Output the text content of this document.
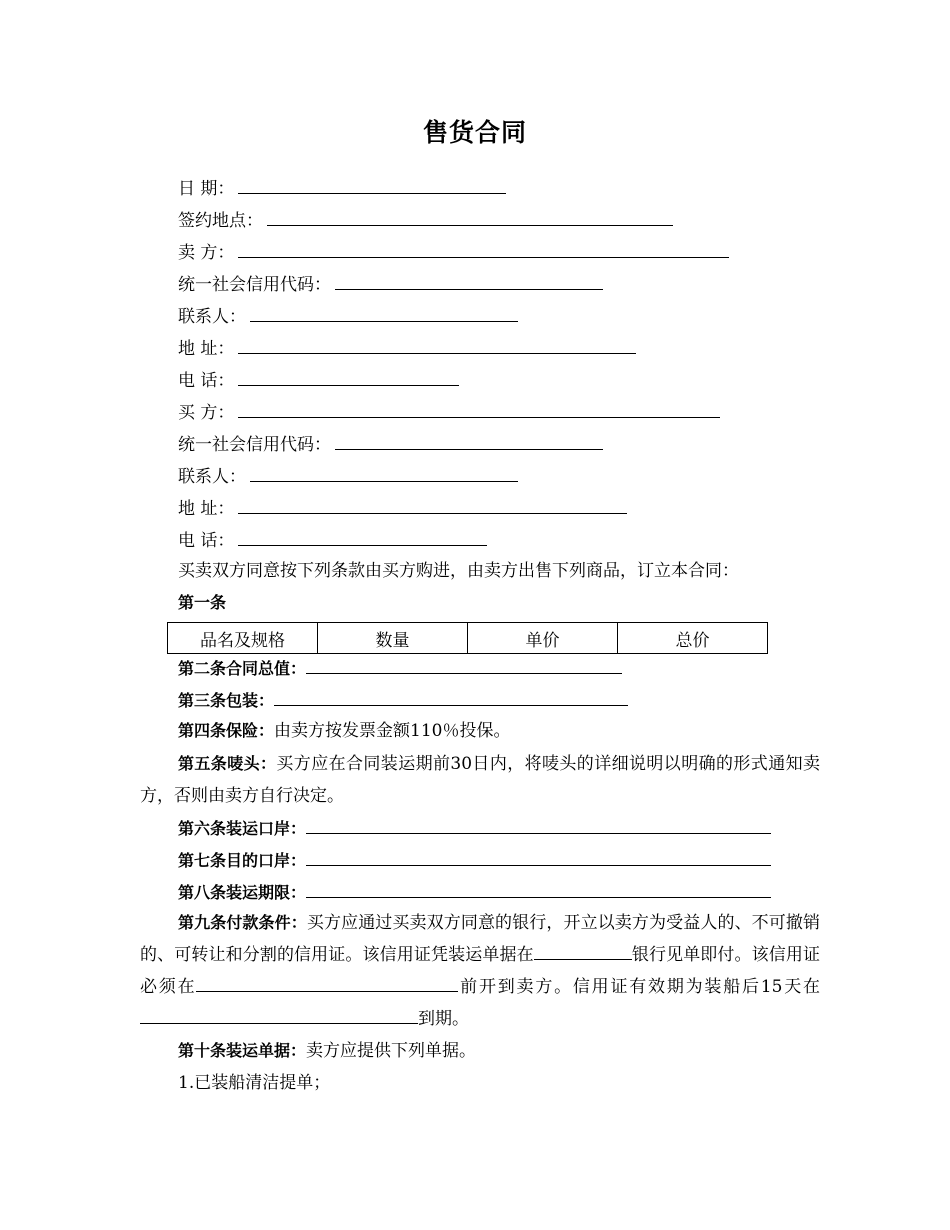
售货合同
日 期：
签约地点：
卖 方：
统一社会信用代码：
联系人：
地 址：
电 话：
买 方：
统一社会信用代码：
联系人：
地 址：
电 话：
买卖双方同意按下列条款由买方购进，由卖方出售下列商品，订立本合同：
第一条
品名及规格	数量	单价	总价
第二条合同总值：
第三条包装：
第四条保险：由卖方按发票金额110％投保。
第五条唛头：买方应在合同装运期前30日内，将唛头的详细说明以明确的形式通知卖方，否则由卖方自行决定。
第六条装运口岸：
第七条目的口岸：
第八条装运期限：
第九条付款条件：买方应通过买卖双方同意的银行，开立以卖方为受益人的、不可撤销的、可转让和分割的信用证。该信用证凭装运单据在	银行见单即付。该信用证必须在	前开到卖方。信用证有效期为装船后15天在到期。
第十条装运单据：卖方应提供下列单据。
1.已装船清洁提单；
